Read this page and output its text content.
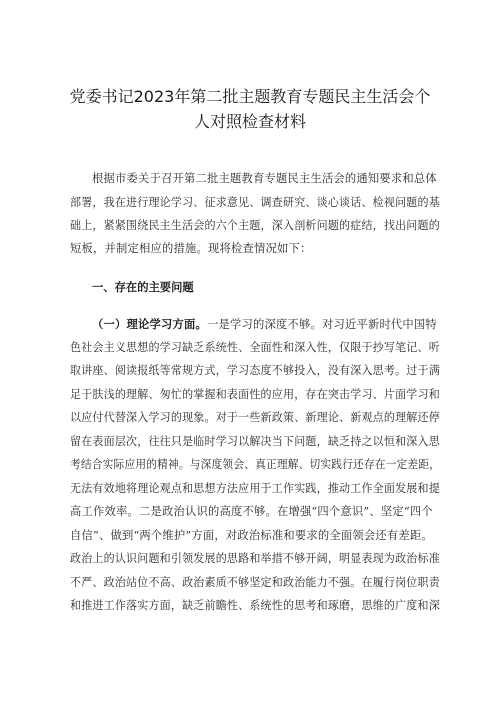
党委书记2023年第二批主题教育专题民主生活会个
人对照检查材料
根据市委关于召开第二批主题教育专题民主生活会的通知要求和总体
部署，我在进行理论学习、征求意见、调查研究、谈心谈话、检视问题的基
础上，紧紧围绕民主生活会的六个主题，深入剖析问题的症结，找出问题的
短板，并制定相应的措施。现将检查情况如下：
一、存在的主要问题
（一）理论学习方面。一是学习的深度不够。对习近平新时代中国特
色社会主义思想的学习缺乏系统性、全面性和深入性，仅限于抄写笔记、听
取讲座、阅读报纸等常规方式，学习态度不够投入，没有深入思考。过于满
足于肤浅的理解、匆忙的掌握和表面性的应用，存在突击学习、片面学习和
以应付代替深入学习的现象。对于一些新政策、新理论、新观点的理解还停
留在表面层次，往往只是临时学习以解决当下问题，缺乏持之以恒和深入思
考结合实际应用的精神。与深度领会、真正理解、切实践行还存在一定差距，
无法有效地将理论观点和思想方法应用于工作实践，推动工作全面发展和提
高工作效率。二是政治认识的高度不够。在增强“四个意识”、坚定“四个
自信”、做到“两个维护”方面，对政治标准和要求的全面领会还有差距。
政治上的认识问题和引领发展的思路和举措不够开阔，明显表现为政治标准
不严、政治站位不高、政治素质不够坚定和政治能力不强。在履行岗位职责
和推进工作落实方面，缺乏前瞻性、系统性的思考和琢磨，思维的广度和深
